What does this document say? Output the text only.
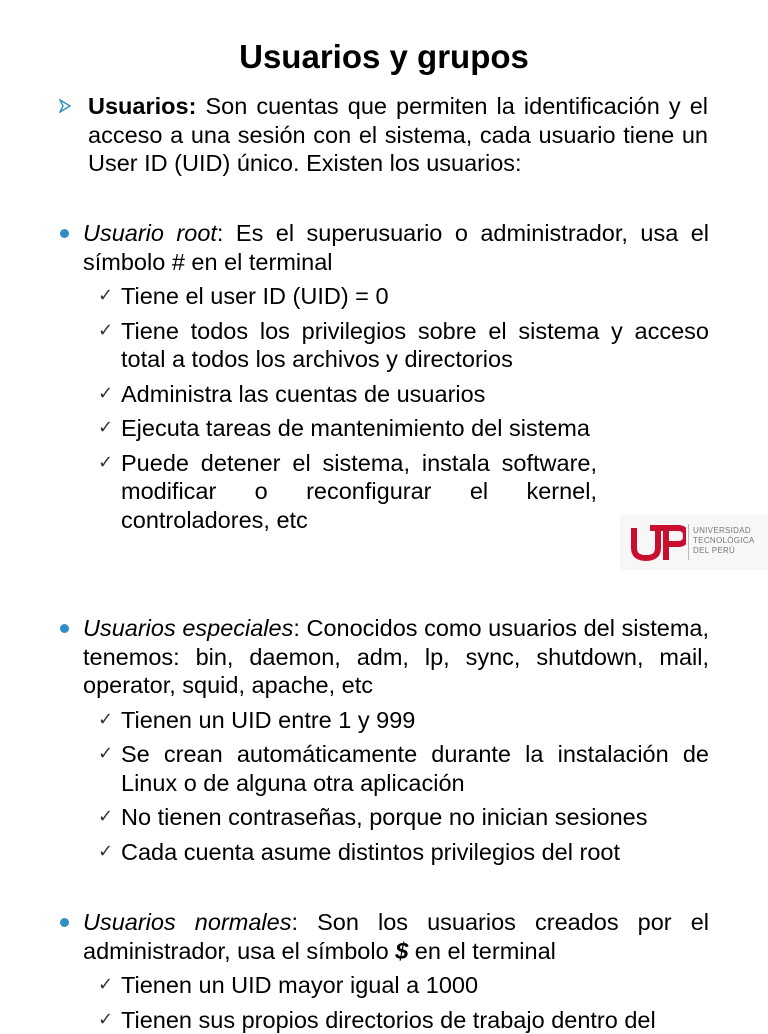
Usuarios y grupos
Usuarios: Son cuentas que permiten la identificación y el acceso a una sesión con el sistema, cada usuario tiene un User ID (UID) único. Existen los usuarios:
Usuario root: Es el superusuario o administrador, usa el símbolo # en el terminal
✓ Tiene el user ID (UID) = 0
✓ Tiene todos los privilegios sobre el sistema y acceso total a todos los archivos y directorios
✓ Administra las cuentas de usuarios
✓ Ejecuta tareas de mantenimiento del sistema
✓ Puede detener el sistema, instala software, modificar o reconfigurar el kernel, controladores, etc	UNIVERSIDAD
TECNOLÓGICA
DEL PERÚ
Usuarios especiales: Conocidos como usuarios del sistema, tenemos: bin, daemon, adm, lp, sync, shutdown, mail, operator, squid, apache, etc
✓ Tienen un UID entre 1 y 999
✓ Se crean automáticamente durante la instalación de Linux o de alguna otra aplicación
✓ No tienen contraseñas, porque no inician sesiones
✓ Cada cuenta asume distintos privilegios del root
Usuarios normales: Son los usuarios creados por el administrador, usa el símbolo $ en el terminal
✓ Tienen un UID mayor igual a 1000
✓ Tienen sus propios directorios de trabajo dentro del
